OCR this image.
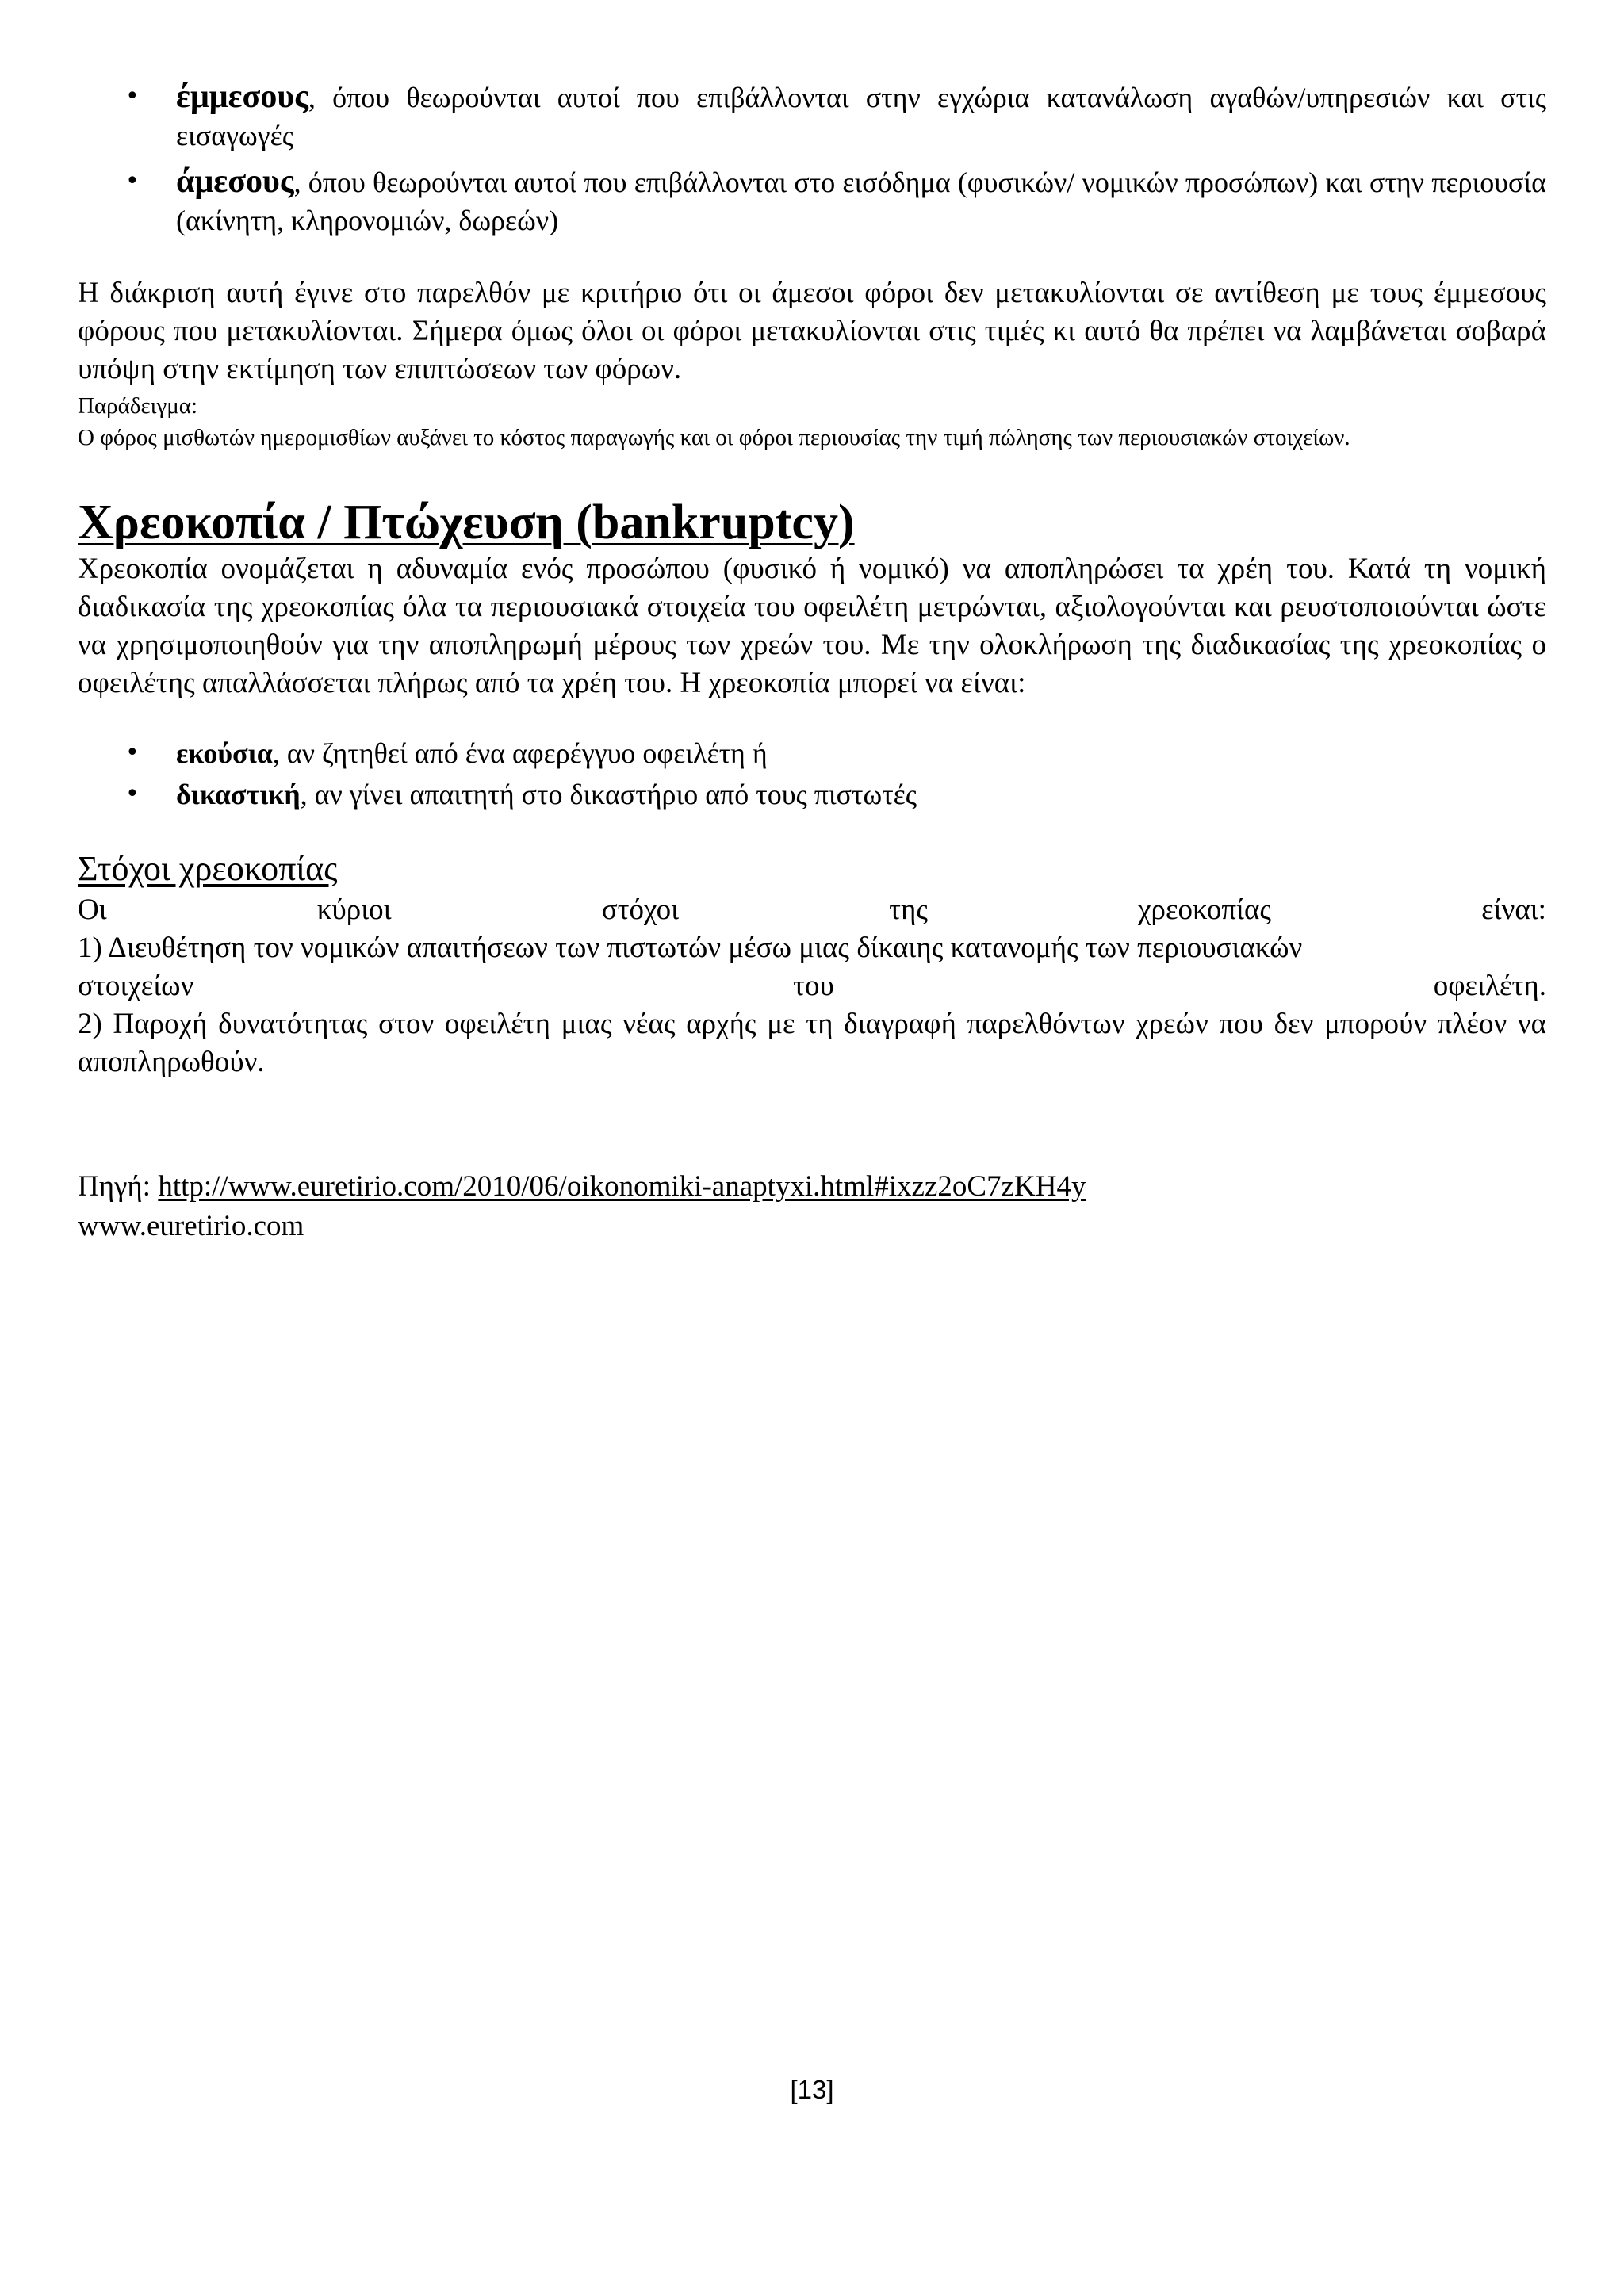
• έμμεσους, όπου θεωρούνται αυτοί που επιβάλλονται στην εγχώρια κατανάλωση αγαθών/υπηρεσιών και στις εισαγωγές
• άμεσους, όπου θεωρούνται αυτοί που επιβάλλονται στο εισόδημα (φυσικών/ νομικών προσώπων) και στην περιουσία (ακίνητη, κληρονομιών, δωρεών)

Η διάκριση αυτή έγινε στο παρελθόν με κριτήριο ότι οι άμεσοι φόροι δεν μετακυλίονται σε αντίθεση με τους έμμεσους φόρους που μετακυλίονται. Σήμερα όμως όλοι οι φόροι μετακυλίονται στις τιμές κι αυτό θα πρέπει να λαμβάνεται σοβαρά υπόψη στην εκτίμηση των επιπτώσεων των φόρων.

Παράδειγμα:

Ο φόρος μισθωτών ημερομισθίων αυξάνει το κόστος παραγωγής και οι φόροι περιουσίας την τιμή πώλησης των περιουσιακών στοιχείων.

Χρεοκοπία / Πτώχευση (bankruptcy)

Χρεοκοπία ονομάζεται η αδυναμία ενός προσώπου (φυσικό ή νομικό) να αποπληρώσει τα χρέη του. Κατά τη νομική διαδικασία της χρεοκοπίας όλα τα περιουσιακά στοιχεία του οφειλέτη μετρώνται, αξιολογούνται και ρευστοποιούνται ώστε να χρησιμοποιηθούν για την αποπληρωμή μέρους των χρεών του. Με την ολοκλήρωση της διαδικασίας της χρεοκοπίας ο οφειλέτης απαλλάσσεται πλήρως από τα χρέη του. Η χρεοκοπία μπορεί να είναι:

• εκούσια, αν ζητηθεί από ένα αφερέγγυο οφειλέτη ή
• δικαστική, αν γίνει απαιτητή στο δικαστήριο από τους πιστωτές

Στόχοι χρεοκοπίας

Οι	κύριοι	στόχοι	της	χρεοκοπίας	είναι:

1) Διευθέτηση τον νομικών απαιτήσεων των πιστωτών μέσω μιας δίκαιης κατανομής των περιουσιακών

στοιχείων	του	οφειλέτη.

2) Παροχή δυνατότητας στον οφειλέτη μιας νέας αρχής με τη διαγραφή παρελθόντων χρεών που δεν μπορούν πλέον να αποπληρωθούν.

Πηγή: http://www.euretirio.com/2010/06/oikonomiki-anaptyxi.html#ixzz2oC7zKH4y
www.euretirio.com
[13]
